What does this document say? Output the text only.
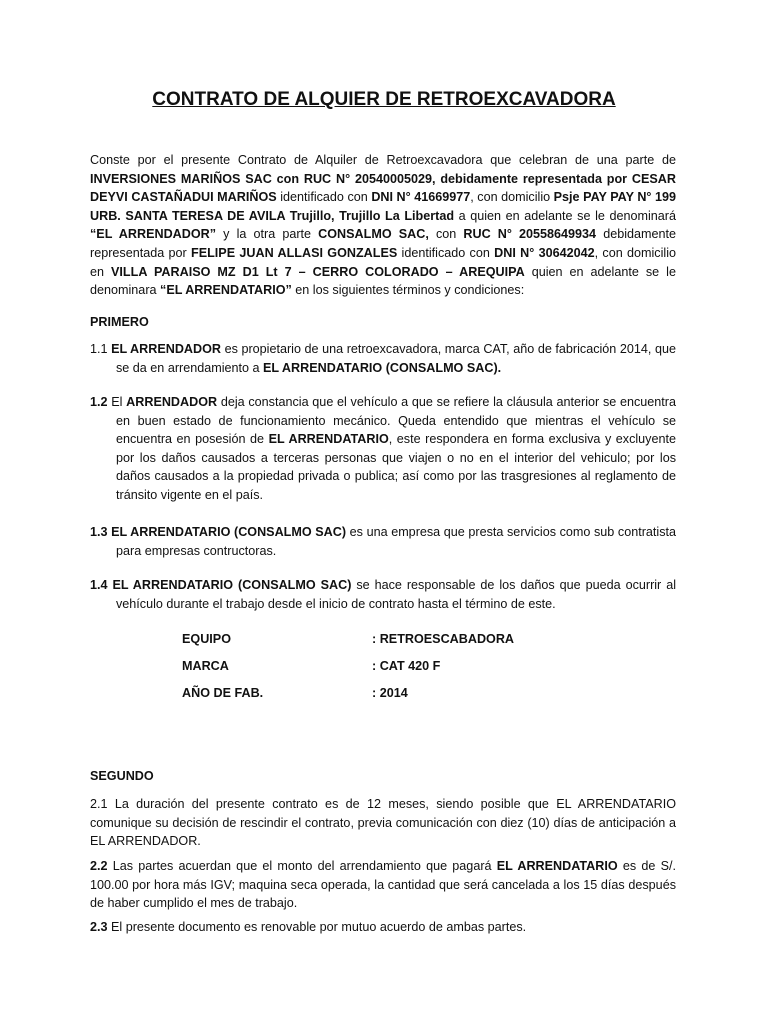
CONTRATO DE ALQUIER DE RETROEXCAVADORA

Conste por el presente Contrato de Alquiler de Retroexcavadora que celebran de una parte de INVERSIONES MARIÑOS SAC con RUC N° 20540005029, debidamente representada por CESAR DEYVI CASTAÑADUI MARIÑOS identificado con DNI N° 41669977, con domicilio Psje PAY PAY N° 199 URB. SANTA TERESA DE AVILA Trujillo, Trujillo La Libertad a quien en adelante se le denominará “EL ARRENDADOR” y la otra parte CONSALMO SAC, con RUC N° 20558649934 debidamente representada por FELIPE JUAN ALLASI GONZALES identificado con DNI N° 30642042, con domicilio en VILLA PARAISO MZ D1 Lt 7 – CERRO COLORADO – AREQUIPA quien en adelante se le denominara “EL ARRENDATARIO” en los siguientes términos y condiciones:

PRIMERO

1.1 EL ARRENDADOR es propietario de una retroexcavadora, marca CAT, año de fabricación 2014, que se da en arrendamiento a EL ARRENDATARIO (CONSALMO SAC).

1.2 El ARRENDADOR deja constancia que el vehículo a que se refiere la cláusula anterior se encuentra en buen estado de funcionamiento mecánico. Queda entendido que mientras el vehículo se encuentra en posesión de EL ARRENDATARIO, este respondera en forma exclusiva y excluyente por los daños causados a terceras personas que viajen o no en el interior del vehiculo; por los daños causados a la propiedad privada o publica; así como por las trasgresiones al reglamento de tránsito vigente en el país.

1.3 EL ARRENDATARIO (CONSALMO SAC) es una empresa que presta servicios como sub contratista para empresas contructoras.

1.4 EL ARRENDATARIO (CONSALMO SAC) se hace responsable de los daños que pueda ocurrir al vehículo durante el trabajo desde el inicio de contrato hasta el término de este.

EQUIPO	: RETROESCABADORA
MARCA	: CAT 420 F
AÑO DE FAB.	: 2014
SEGUNDO

2.1 La duración del presente contrato es de 12 meses, siendo posible que EL ARRENDATARIO comunique su decisión de rescindir el contrato, previa comunicación con diez (10) días de anticipación a EL ARRENDADOR.

2.2 Las partes acuerdan que el monto del arrendamiento que pagará EL ARRENDATARIO es de S/. 100.00 por hora más IGV; maquina seca operada, la cantidad que será cancelada a los 15 días después de haber cumplido el mes de trabajo.

2.3 El presente documento es renovable por mutuo acuerdo de ambas partes.
